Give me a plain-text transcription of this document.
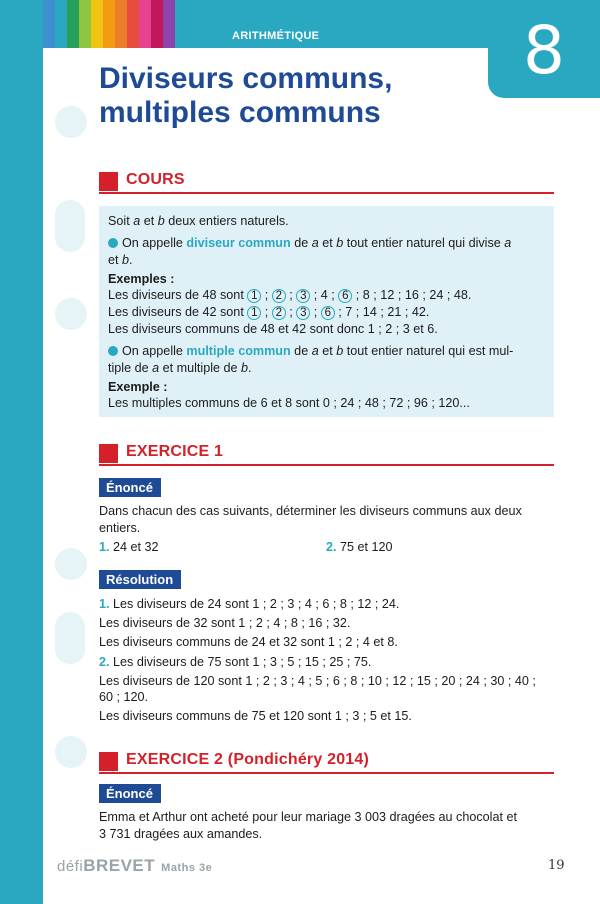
ARITHMÉTIQUE	8
Diviseurs communs,
multiples communs
COURS
Soit a et b deux entiers naturels.
On appelle diviseur commun de a et b tout entier naturel qui divise a
et b.
Exemples :
Les diviseurs de 48 sont 1 ; 2 ; 3 ; 4 ; 6 ; 8 ; 12 ; 16 ; 24 ; 48.
Les diviseurs de 42 sont 1 ; 2 ; 3 ; 6 ; 7 ; 14 ; 21 ; 42.
Les diviseurs communs de 48 et 42 sont donc 1 ; 2 ; 3 et 6.
On appelle multiple commun de a et b tout entier naturel qui est mul-
tiple de a et multiple de b.
Exemple :
Les multiples communs de 6 et 8 sont 0 ; 24 ; 48 ; 72 ; 96 ; 120...
EXERCICE 1
Énoncé
Dans chacun des cas suivants, déterminer les diviseurs communs aux deux
entiers.
1. 24 et 32	2. 75 et 120
Résolution
1. Les diviseurs de 24 sont 1 ; 2 ; 3 ; 4 ; 6 ; 8 ; 12 ; 24.
Les diviseurs de 32 sont 1 ; 2 ; 4 ; 8 ; 16 ; 32.
Les diviseurs communs de 24 et 32 sont 1 ; 2 ; 4 et 8.
2. Les diviseurs de 75 sont 1 ; 3 ; 5 ; 15 ; 25 ; 75.
Les diviseurs de 120 sont 1 ; 2 ; 3 ; 4 ; 5 ; 6 ; 8 ; 10 ; 12 ; 15 ; 20 ; 24 ; 30 ; 40 ;
60 ; 120.
Les diviseurs communs de 75 et 120 sont 1 ; 3 ; 5 et 15.
EXERCICE 2 (Pondichéry 2014)
Énoncé
Emma et Arthur ont acheté pour leur mariage 3 003 dragées au chocolat et
3 731 dragées aux amandes.
défiBREVET Maths 3e	19
